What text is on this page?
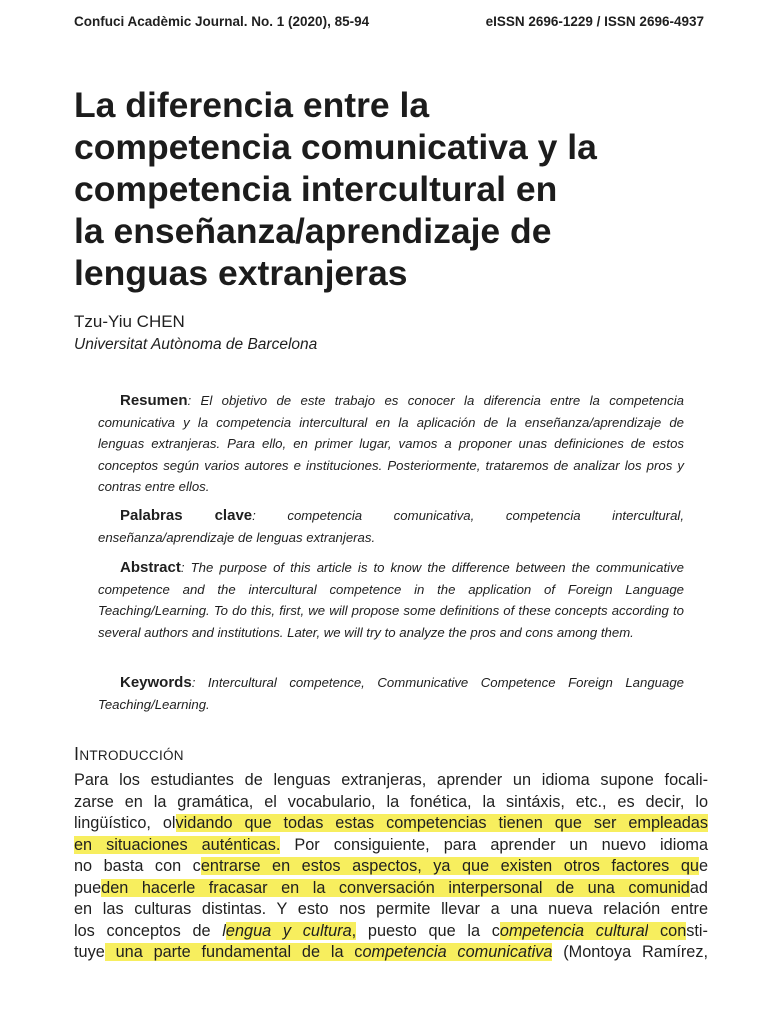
Confuci Acadèmic Journal. No. 1 (2020), 85-94	eISSN 2696-1229 / ISSN 2696-4937
La diferencia entre la
competencia comunicativa y la
competencia intercultural en
la enseñanza/aprendizaje de
lenguas extranjeras
Tzu-Yiu CHEN
Universitat Autònoma de Barcelona

Resumen: El objetivo de este trabajo es conocer la diferencia entre la competencia comunicativa y la competencia intercultural en la aplicación de la enseñanza/aprendizaje de lenguas extranjeras. Para ello, en primer lugar, vamos a proponer unas definiciones de estos conceptos según varios autores e instituciones. Posteriormente, trataremos de analizar los pros y contras entre ellos.

Palabras clave: competencia comunicativa, competencia intercultural, enseñanza/aprendizaje de lenguas extranjeras.

Abstract: The purpose of this article is to know the difference between the communicative competence and the intercultural competence in the application of Foreign Language Teaching/Learning. To do this, first, we will propose some definitions of these concepts according to several authors and institutions. Later, we will try to analyze the pros and cons among them.

Keywords: Intercultural competence, Communicative Competence Foreign Language Teaching/Learning.

INTRODUCCIÓN
Para los estudiantes de lenguas extranjeras, aprender un idioma supone focali-
zarse en la gramática, el vocabulario, la fonética, la sintáxis, etc., es decir, lo
lingüístico, olvidando que todas estas competencias tienen que ser empleadas
en situaciones auténticas. Por consiguiente, para aprender un nuevo idioma
no basta con centrarse en estos aspectos, ya que existen otros factores que
pueden hacerle fracasar en la conversación interpersonal de una comunidad
en las culturas distintas. Y esto nos permite llevar a una nueva relación entre
los conceptos de lengua y cultura, puesto que la competencia cultural consti-
tuye una parte fundamental de la competencia comunicativa (Montoya Ramírez,
